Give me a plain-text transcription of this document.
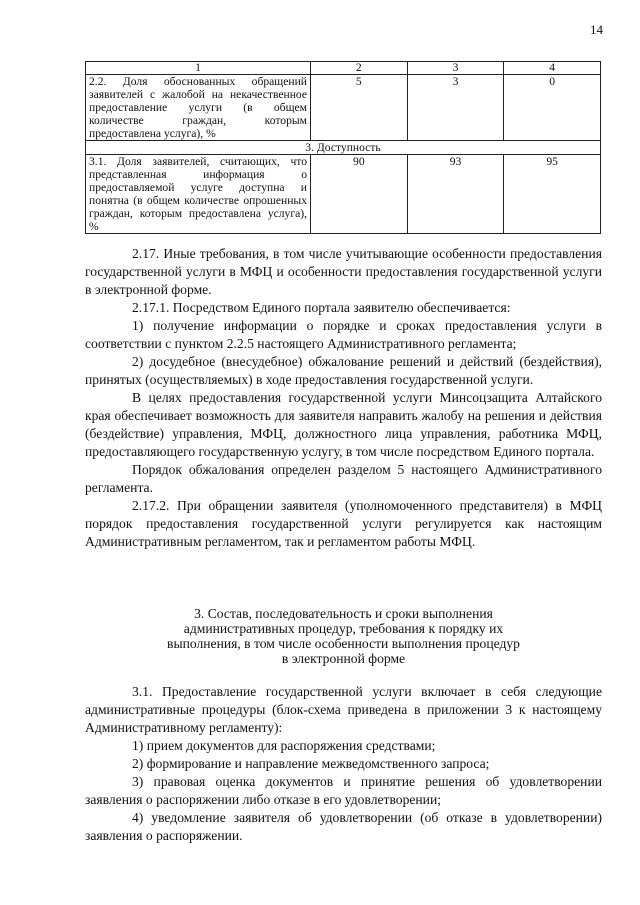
14
1	2	3	4
2.2. Доля обоснованных обращений заявителей с жалобой на некачественное предоставление услуги (в общем количестве граждан, которым предоставлена услуга), %	5	3	0
3. Доступность			
3.1. Доля заявителей, считающих, что представленная информация о предоставляемой услуге доступна и понятна (в общем количестве опрошенных граждан, которым предоставлена услуга), %	90	93	95

2.17. Иные требования, в том числе учитывающие особенности предоставления государственной услуги в МФЦ и особенности предоставления государственной услуги в электронной форме.

2.17.1. Посредством Единого портала заявителю обеспечивается:

1) получение информации о порядке и сроках предоставления услуги в соответствии с пунктом 2.2.5 настоящего Административного регламента;

2) досудебное (внесудебное) обжалование решений и действий (бездействия), принятых (осуществляемых) в ходе предоставления государственной услуги.

В целях предоставления государственной услуги Минсоцзащита Алтайского края обеспечивает возможность для заявителя направить жалобу на решения и действия (бездействие) управления, МФЦ, должностного лица управления, работника МФЦ, предоставляющего государственную услугу, в том числе посредством Единого портала.

Порядок обжалования определен разделом 5 настоящего Административного регламента.

2.17.2. При обращении заявителя (уполномоченного представителя) в МФЦ порядок предоставления государственной услуги регулируется как настоящим Административным регламентом, так и регламентом работы МФЦ.

3. Состав, последовательность и сроки выполнения
административных процедур, требования к порядку их
выполнения, в том числе особенности выполнения процедур
в электронной форме

3.1. Предоставление государственной услуги включает в себя следующие административные процедуры (блок-схема приведена в приложении 3 к настоящему Административному регламенту):

1) прием документов для распоряжения средствами;

2) формирование и направление межведомственного запроса;

3) правовая оценка документов и принятие решения об удовлетворении заявления о распоряжении либо отказе в его удовлетворении;

4) уведомление заявителя об удовлетворении (об отказе в удовлетворении) заявления о распоряжении.
